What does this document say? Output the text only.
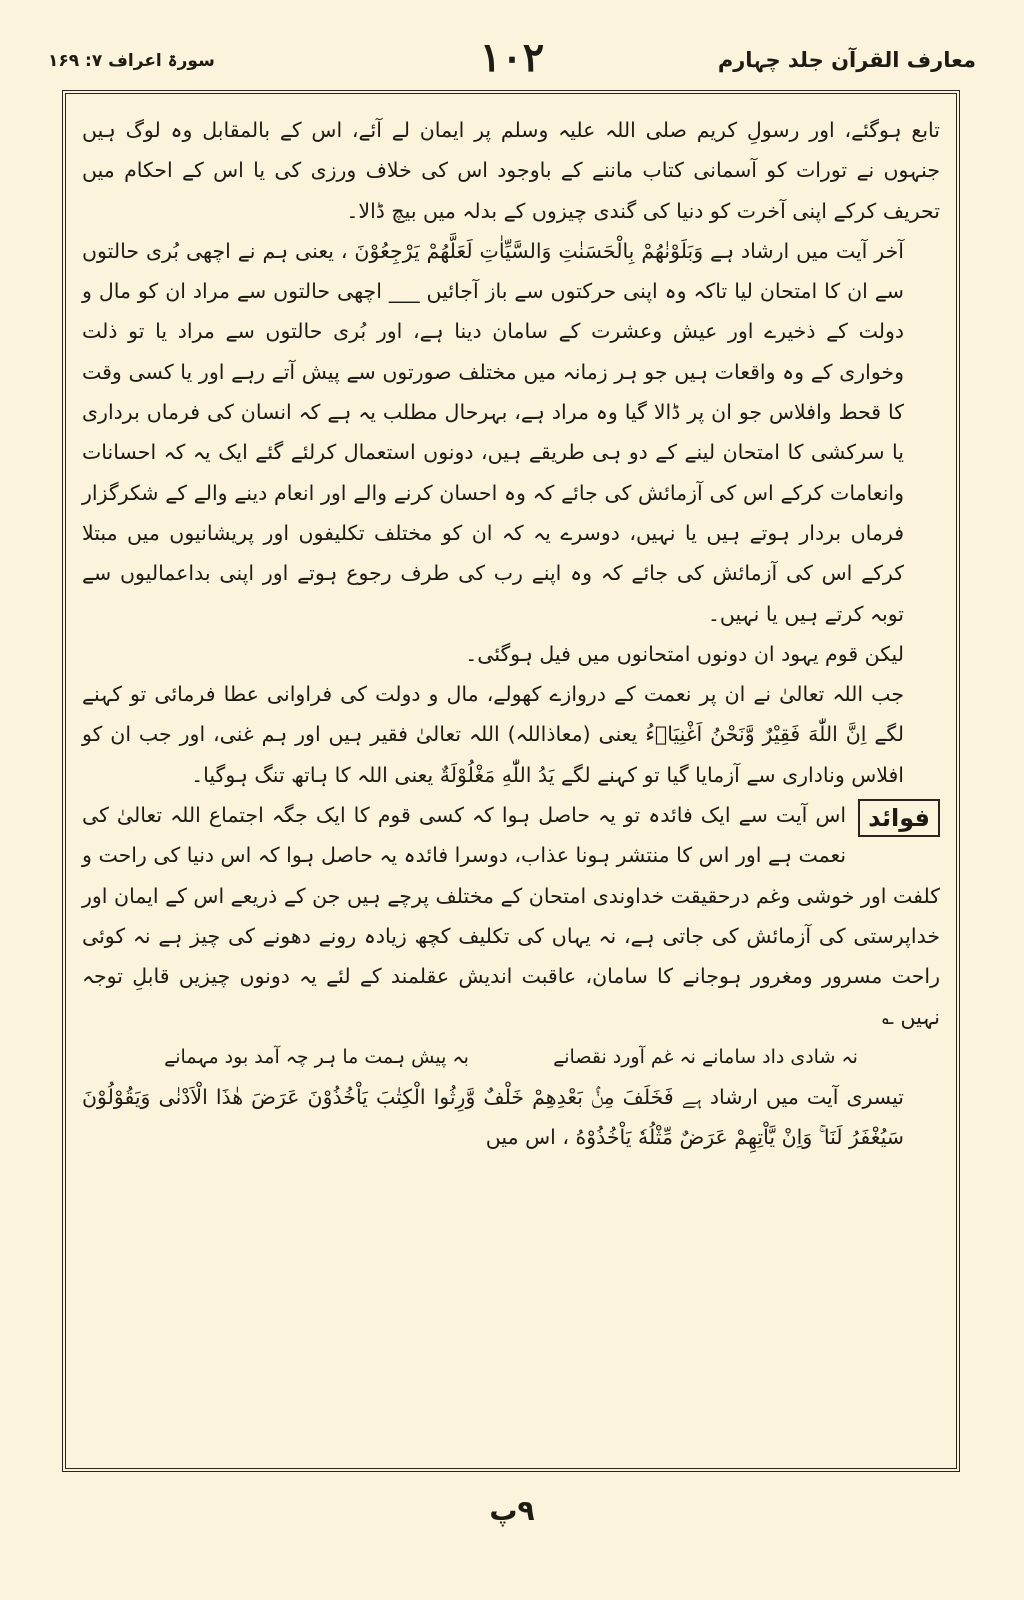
معارف القرآن جلد چہارم
۱۰۲
سورۃ اعراف ۷: ۱۶۹

تابع ہوگئے، اور رسولِ کریم صلی اللہ علیہ وسلم پر ایمان لے آئے، اس کے بالمقابل وہ لوگ ہیں جنہوں نے تورات کو آسمانی کتاب ماننے کے باوجود اس کی خلاف ورزی کی یا اس کے احکام میں تحریف کرکے اپنی آخرت کو دنیا کی گندی چیزوں کے بدلہ میں بیچ ڈالا۔

آخر آیت میں ارشاد ہے وَبَلَوْنٰهُمْ بِالْحَسَنٰتِ وَالسَّيِّاٰتِ لَعَلَّهُمْ يَرْجِعُوْنَ ، یعنی ہم نے اچھی بُری حالتوں سے ان کا امتحان لیا تاکہ وہ اپنی حرکتوں سے باز آجائیں ___ اچھی حالتوں سے مراد ان کو مال و دولت کے ذخیرے اور عیش وعشرت کے سامان دینا ہے، اور بُری حالتوں سے مراد یا تو ذلت وخواری کے وہ واقعات ہیں جو ہر زمانہ میں مختلف صورتوں سے پیش آتے رہے اور یا کسی وقت کا قحط وافلاس جو ان پر ڈالا گیا وہ مراد ہے، بہرحال مطلب یہ ہے کہ انسان کی فرماں برداری یا سرکشی کا امتحان لینے کے دو ہی طریقے ہیں، دونوں استعمال کرلئے گئے ایک یہ کہ احسانات وانعامات کرکے اس کی آزمائش کی جائے کہ وہ احسان کرنے والے اور انعام دینے والے کے شکرگزار فرماں بردار ہوتے ہیں یا نہیں، دوسرے یہ کہ ان کو مختلف تکلیفوں اور پریشانیوں میں مبتلا کرکے اس کی آزمائش کی جائے کہ وہ اپنے رب کی طرف رجوع ہوتے اور اپنی بداعمالیوں سے توبہ کرتے ہیں یا نہیں۔

لیکن قوم یہود ان دونوں امتحانوں میں فیل ہوگئی۔

جب اللہ تعالیٰ نے ان پر نعمت کے دروازے کھولے، مال و دولت کی فراوانی عطا فرمائی تو کہنے لگے اِنَّ اللّٰهَ فَقِيْرٌ وَّنَحْنُ اَغْنِيَاۗءُ یعنی (معاذاللہ) اللہ تعالیٰ فقیر ہیں اور ہم غنی، اور جب ان کو افلاس وناداری سے آزمایا گیا تو کہنے لگے يَدُ اللّٰهِ مَغْلُوْلَةٌ یعنی اللہ کا ہاتھ تنگ ہوگیا۔

فوائد
اس آیت سے ایک فائدہ تو یہ حاصل ہوا کہ کسی قوم کا ایک جگہ اجتماع اللہ تعالیٰ کی نعمت ہے اور اس کا منتشر ہونا عذاب، دوسرا فائدہ یہ حاصل ہوا کہ اس دنیا کی راحت و کلفت اور خوشی وغم درحقیقت خداوندی امتحان کے مختلف پرچے ہیں جن کے ذریعے اس کے ایمان اور خداپرستی کی آزمائش کی جاتی ہے، نہ یہاں کی تکلیف کچھ زیادہ رونے دھونے کی چیز ہے نہ کوئی راحت مسرور ومغرور ہوجانے کا سامان، عاقبت اندیش عقلمند کے لئے یہ دونوں چیزیں قابلِ توجہ نہیں ؎

نہ شادی داد سامانے نہ غم آورد نقصانے
بہ پیش ہمت ما ہر چہ آمد بود مہمانے

تیسری آیت میں ارشاد ہے فَخَلَفَ مِنْۢ بَعْدِهِمْ خَلْفٌ وَّرِثُوا الْكِتٰبَ يَاْخُذُوْنَ عَرَضَ هٰذَا الْاَدْنٰى وَيَقُوْلُوْنَ سَيُغْفَرُ لَنَا ۚ وَاِنْ يَّاْتِهِمْ عَرَضٌ مِّثْلُهٗ يَاْخُذُوْهُ ، اس میں

۹پ
